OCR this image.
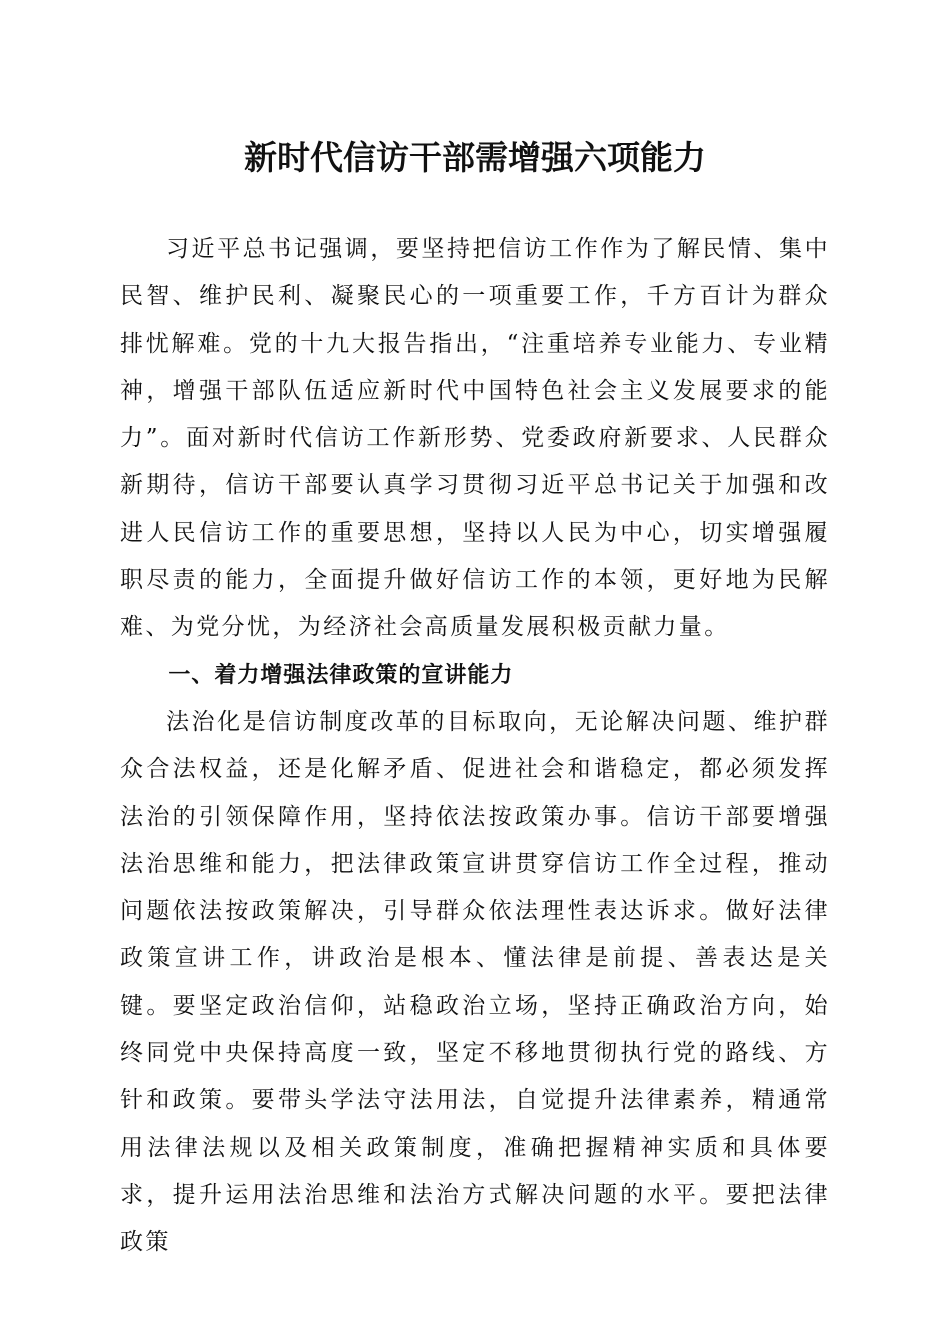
新时代信访干部需增强六项能力

习近平总书记强调，要坚持把信访工作作为了解民情、集中民智、维护民利、凝聚民心的一项重要工作，千方百计为群众排忧解难。党的十九大报告指出，“注重培养专业能力、专业精神，增强干部队伍适应新时代中国特色社会主义发展要求的能力”。面对新时代信访工作新形势、党委政府新要求、人民群众新期待，信访干部要认真学习贯彻习近平总书记关于加强和改进人民信访工作的重要思想，坚持以人民为中心，切实增强履职尽责的能力，全面提升做好信访工作的本领，更好地为民解难、为党分忧，为经济社会高质量发展积极贡献力量。

一、着力增强法律政策的宣讲能力

法治化是信访制度改革的目标取向，无论解决问题、维护群众合法权益，还是化解矛盾、促进社会和谐稳定，都必须发挥法治的引领保障作用，坚持依法按政策办事。信访干部要增强法治思维和能力，把法律政策宣讲贯穿信访工作全过程，推动问题依法按政策解决，引导群众依法理性表达诉求。做好法律政策宣讲工作，讲政治是根本、懂法律是前提、善表达是关键。要坚定政治信仰，站稳政治立场，坚持正确政治方向，始终同党中央保持高度一致，坚定不移地贯彻执行党的路线、方针和政策。要带头学法守法用法，自觉提升法律素养，精通常用法律法规以及相关政策制度，准确把握精神实质和具体要求，提升运用法治思维和法治方式解决问题的水平。要把法律政策
